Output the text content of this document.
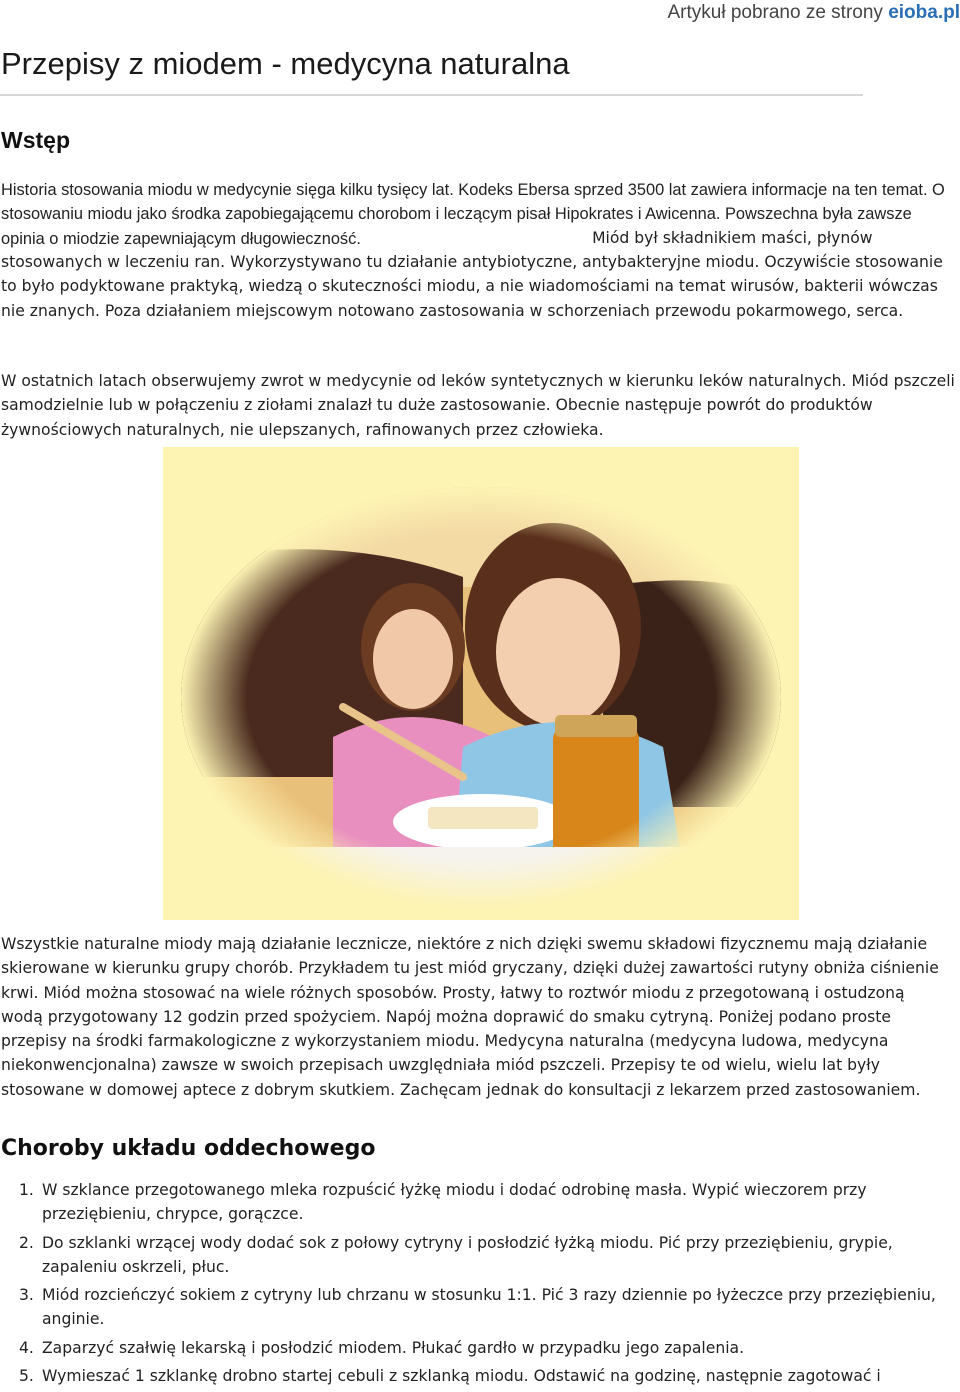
Artykuł pobrano ze strony eioba.pl
Przepisy z miodem - medycyna naturalna
Wstęp

Historia stosowania miodu w medycynie sięga kilku tysięcy lat. Kodeks Ebersa sprzed 3500 lat zawiera informacje na ten temat. O stosowaniu miodu jako środka zapobiegającemu chorobom i leczącym pisał Hipokrates i Awicenna. Powszechna była zawsze opinia o miodzie zapewniającym długowieczność.	Miód był składnikiem maści, płynów stosowanych w leczeniu ran. Wykorzystywano tu działanie antybiotyczne, antybakteryjne miodu. Oczywiście stosowanie to było podyktowane praktyką, wiedzą o skuteczności miodu, a nie wiadomościami na temat wirusów, bakterii wówczas nie znanych. Poza działaniem miejscowym notowano zastosowania w schorzeniach przewodu pokarmowego, serca.

W ostatnich latach obserwujemy zwrot w medycynie od leków syntetycznych w kierunku leków naturalnych. Miód pszczeli samodzielnie lub w połączeniu z ziołami znalazł tu duże zastosowanie. Obecnie następuje powrót do produktów żywnościowych naturalnych, nie ulepszanych, rafinowanych przez człowieka.

Wszystkie naturalne miody mają działanie lecznicze, niektóre z nich dzięki swemu składowi fizycznemu mają działanie skierowane w kierunku grupy chorób. Przykładem tu jest miód gryczany, dzięki dużej zawartości rutyny obniża ciśnienie krwi. Miód można stosować na wiele różnych sposobów. Prosty, łatwy to roztwór miodu z przegotowaną i ostudzoną wodą przygotowany 12 godzin przed spożyciem. Napój można doprawić do smaku cytryną. Poniżej podano proste przepisy na środki farmakologiczne z wykorzystaniem miodu. Medycyna naturalna (medycyna ludowa, medycyna niekonwencjonalna) zawsze w swoich przepisach uwzględniała miód pszczeli. Przepisy te od wielu, wielu lat były stosowane w domowej aptece z dobrym skutkiem. Zachęcam jednak do konsultacji z lekarzem przed zastosowaniem.

Choroby układu oddechowego
1. W szklance przegotowanego mleka rozpuścić łyżkę miodu i dodać odrobinę masła. Wypić wieczorem przy przeziębieniu, chrypce, gorączce.
2. Do szklanki wrzącej wody dodać sok z połowy cytryny i posłodzić łyżką miodu. Pić przy przeziębieniu, grypie, zapaleniu oskrzeli, płuc.
3. Miód rozcieńczyć sokiem z cytryny lub chrzanu w stosunku 1:1. Pić 3 razy dziennie po łyżeczce przy przeziębieniu, anginie.
4. Zaparzyć szałwię lekarską i posłodzić miodem. Płukać gardło w przypadku jego zapalenia.
5. Wymieszać 1 szklankę drobno startej cebuli z szklanką miodu. Odstawić na godzinę, następnie zagotować i
